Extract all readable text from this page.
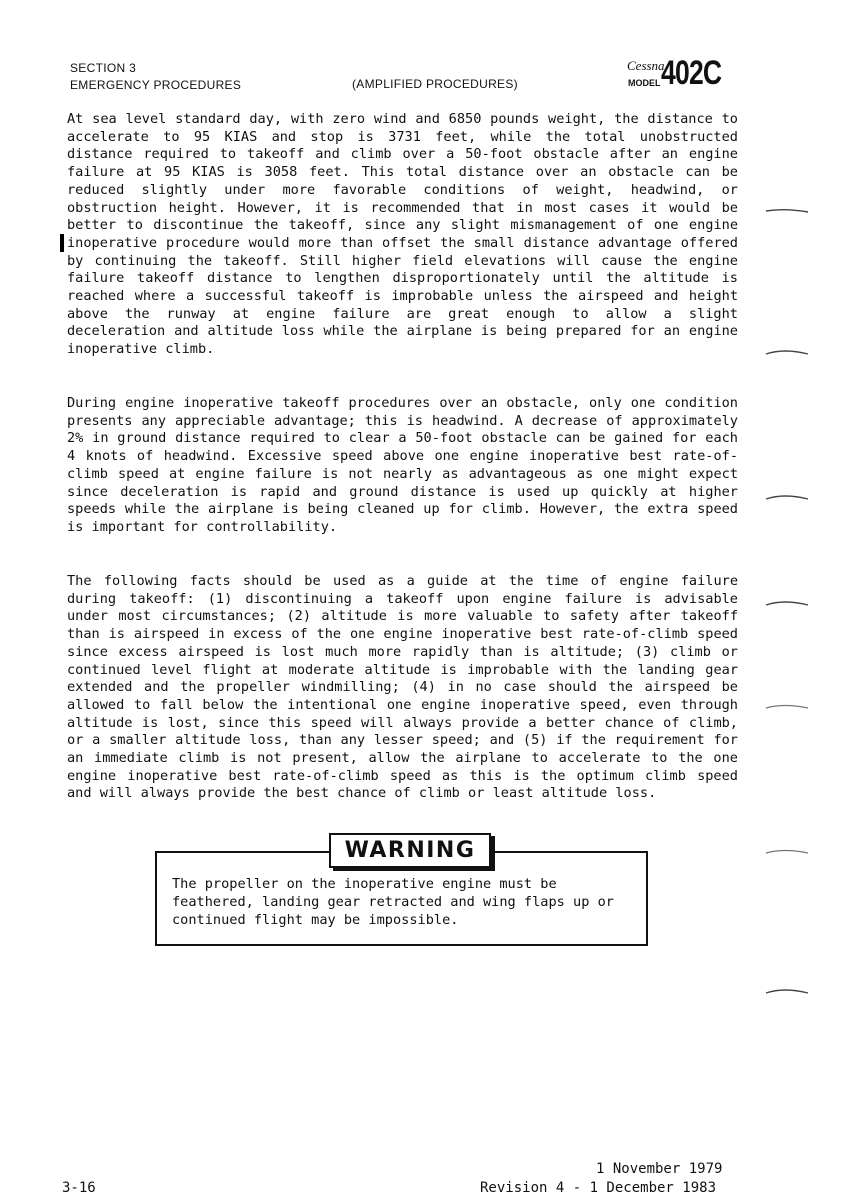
SECTION 3
EMERGENCY PROCEDURES	(AMPLIFIED PROCEDURES)
Cessna.
MODEL 402C

At sea level standard day, with zero wind and 6850 pounds weight, the distance to accelerate to 95 KIAS and stop is 3731 feet, while the total unobstructed distance required to takeoff and climb over a 50-foot obstacle after an engine failure at 95 KIAS is 3058 feet. This total distance over an obstacle can be reduced slightly under more favorable conditions of weight, headwind, or obstruction height. However, it is recommended that in most cases it would be better to discontinue the takeoff, since any slight mismanagement of one engine inoperative procedure would more than offset the small distance advantage offered by continuing the takeoff. Still higher field elevations will cause the engine failure takeoff distance to lengthen disproportionately until the altitude is reached where a successful takeoff is improbable unless the airspeed and height above the runway at engine failure are great enough to allow a slight deceleration and altitude loss while the airplane is being prepared for an engine inoperative climb.

During engine inoperative takeoff procedures over an obstacle, only one condition presents any appreciable advantage; this is headwind. A decrease of approximately 2% in ground distance required to clear a 50-foot obstacle can be gained for each 4 knots of headwind. Excessive speed above one engine inoperative best rate-of-climb speed at engine failure is not nearly as advantageous as one might expect since deceleration is rapid and ground distance is used up quickly at higher speeds while the airplane is being cleaned up for climb. However, the extra speed is important for controllability.

The following facts should be used as a guide at the time of engine failure during takeoff: (1) discontinuing a takeoff upon engine failure is advisable under most circumstances; (2) altitude is more valuable to safety after takeoff than is airspeed in excess of the one engine inoperative best rate-of-climb speed since excess airspeed is lost much more rapidly than is altitude; (3) climb or continued level flight at moderate altitude is improbable with the landing gear extended and the propeller windmilling; (4) in no case should the airspeed be allowed to fall below the intentional one engine inoperative speed, even through altitude is lost, since this speed will always provide a better chance of climb, or a smaller altitude loss, than any lesser speed; and (5) if the requirement for an immediate climb is not present, allow the airplane to accelerate to the one engine inoperative best rate-of-climb speed as this is the optimum climb speed and will always provide the best chance of climb or least altitude loss.

WARNING

The propeller on the inoperative engine must be feathered, landing gear retracted and wing flaps up or continued flight may be impossible.

3-16
1 November 1979
Revision 4 - 1 December 1983
